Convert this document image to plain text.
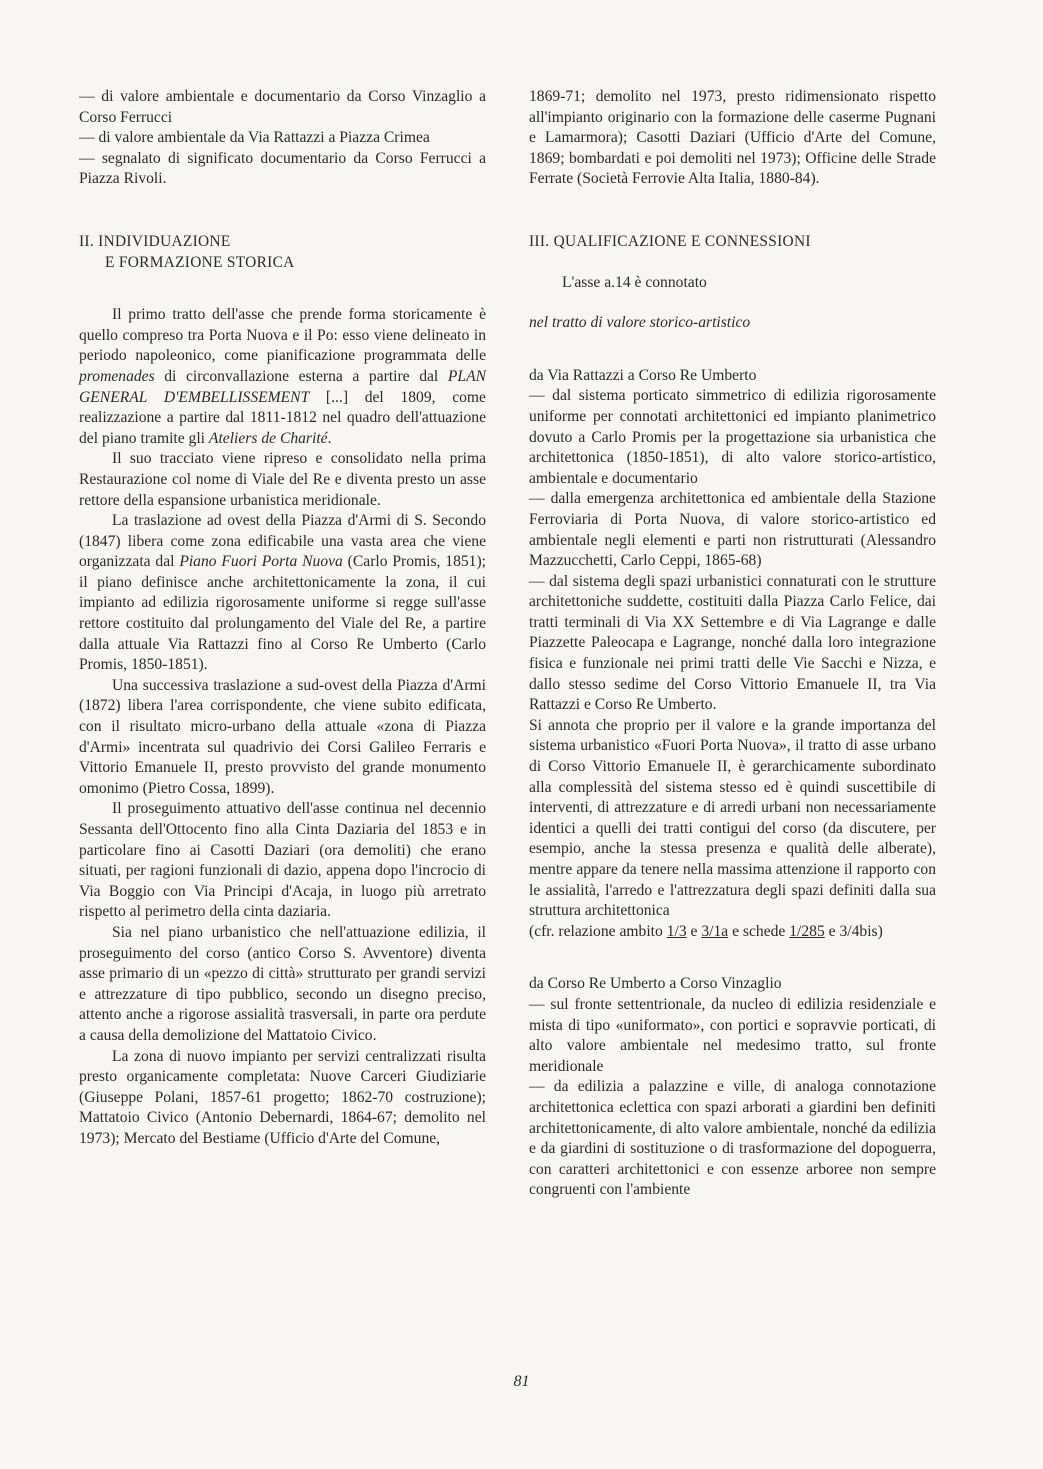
— di valore ambientale e documentario da Corso Vinzaglio a Corso Ferrucci

— di valore ambientale da Via Rattazzi a Piazza Crimea

— segnalato di significato documentario da Corso Ferrucci a Piazza Rivoli.

II. INDIVIDUAZIONE
E FORMAZIONE STORICA

Il primo tratto dell'asse che prende forma storicamente è quello compreso tra Porta Nuova e il Po: esso viene delineato in periodo napoleonico, come pianificazione programmata delle promenades di circonvallazione esterna a partire dal PLAN GENERAL D'EMBELLISSEMENT [...] del 1809, come realizzazione a partire dal 1811-1812 nel quadro dell'attuazione del piano tramite gli Ateliers de Charité.

Il suo tracciato viene ripreso e consolidato nella prima Restaurazione col nome di Viale del Re e diventa presto un asse rettore della espansione urbanistica meridionale.

La traslazione ad ovest della Piazza d'Armi di S. Secondo (1847) libera come zona edificabile una vasta area che viene organizzata dal Piano Fuori Porta Nuova (Carlo Promis, 1851); il piano definisce anche architettonicamente la zona, il cui impianto ad edilizia rigorosamente uniforme si regge sull'asse rettore costituito dal prolungamento del Viale del Re, a partire dalla attuale Via Rattazzi fino al Corso Re Umberto (Carlo Promis, 1850-1851).

Una successiva traslazione a sud-ovest della Piazza d'Armi (1872) libera l'area corrispondente, che viene subito edificata, con il risultato micro-urbano della attuale «zona di Piazza d'Armi» incentrata sul quadrivio dei Corsi Galileo Ferraris e Vittorio Emanuele II, presto provvisto del grande monumento omonimo (Pietro Cossa, 1899).

Il proseguimento attuativo dell'asse continua nel decennio Sessanta dell'Ottocento fino alla Cinta Daziaria del 1853 e in particolare fino ai Casotti Daziari (ora demoliti) che erano situati, per ragioni funzionali di dazio, appena dopo l'incrocio di Via Boggio con Via Principi d'Acaja, in luogo più arretrato rispetto al perimetro della cinta daziaria.

Sia nel piano urbanistico che nell'attuazione edilizia, il proseguimento del corso (antico Corso S. Avventore) diventa asse primario di un «pezzo di città» strutturato per grandi servizi e attrezzature di tipo pubblico, secondo un disegno preciso, attento anche a rigorose assialità trasversali, in parte ora perdute a causa della demolizione del Mattatoio Civico.

La zona di nuovo impianto per servizi centralizzati risulta presto organicamente completata: Nuove Carceri Giudiziarie (Giuseppe Polani, 1857-61 progetto; 1862-70 costruzione); Mattatoio Civico (Antonio Debernardi, 1864-67; demolito nel 1973); Mercato del Bestiame (Ufficio d'Arte del Comune,

1869-71; demolito nel 1973, presto ridimensionato rispetto all'impianto originario con la formazione delle caserme Pugnani e Lamarmora); Casotti Daziari (Ufficio d'Arte del Comune, 1869; bombardati e poi demoliti nel 1973); Officine delle Strade Ferrate (Società Ferrovie Alta Italia, 1880-84).

III. QUALIFICAZIONE E CONNESSIONI

L'asse a.14 è connotato

nel tratto di valore storico-artistico

da Via Rattazzi a Corso Re Umberto

— dal sistema porticato simmetrico di edilizia rigorosamente uniforme per connotati architettonici ed impianto planimetrico dovuto a Carlo Promis per la progettazione sia urbanistica che architettonica (1850-1851), di alto valore storico-artistico, ambientale e documentario

— dalla emergenza architettonica ed ambientale della Stazione Ferroviaria di Porta Nuova, di valore storico-artistico ed ambientale negli elementi e parti non ristrutturati (Alessandro Mazzucchetti, Carlo Ceppi, 1865-68)

— dal sistema degli spazi urbanistici connaturati con le strutture architettoniche suddette, costituiti dalla Piazza Carlo Felice, dai tratti terminali di Via XX Settembre e di Via Lagrange e dalle Piazzette Paleocapa e Lagrange, nonché dalla loro integrazione fisica e funzionale nei primi tratti delle Vie Sacchi e Nizza, e dallo stesso sedime del Corso Vittorio Emanuele II, tra Via Rattazzi e Corso Re Umberto.

Si annota che proprio per il valore e la grande importanza del sistema urbanistico «Fuori Porta Nuova», il tratto di asse urbano di Corso Vittorio Emanuele II, è gerarchicamente subordinato alla complessità del sistema stesso ed è quindi suscettibile di interventi, di attrezzature e di arredi urbani non necessariamente identici a quelli dei tratti contigui del corso (da discutere, per esempio, anche la stessa presenza e qualità delle alberate), mentre appare da tenere nella massima attenzione il rapporto con le assialità, l'arredo e l'attrezzatura degli spazi definiti dalla sua struttura architettonica

(cfr. relazione ambito 1/3 e 3/1a e schede 1/285 e 3/4bis)

da Corso Re Umberto a Corso Vinzaglio

— sul fronte settentrionale, da nucleo di edilizia residenziale e mista di tipo «uniformato», con portici e sopravvie porticati, di alto valore ambientale nel medesimo tratto, sul fronte meridionale

— da edilizia a palazzine e ville, di analoga connotazione architettonica eclettica con spazi arborati a giardini ben definiti architettonicamente, di alto valore ambientale, nonché da edilizia e da giardini di sostituzione o di trasformazione del dopoguerra, con caratteri architettonici e con essenze arboree non sempre congruenti con l'ambiente

81
